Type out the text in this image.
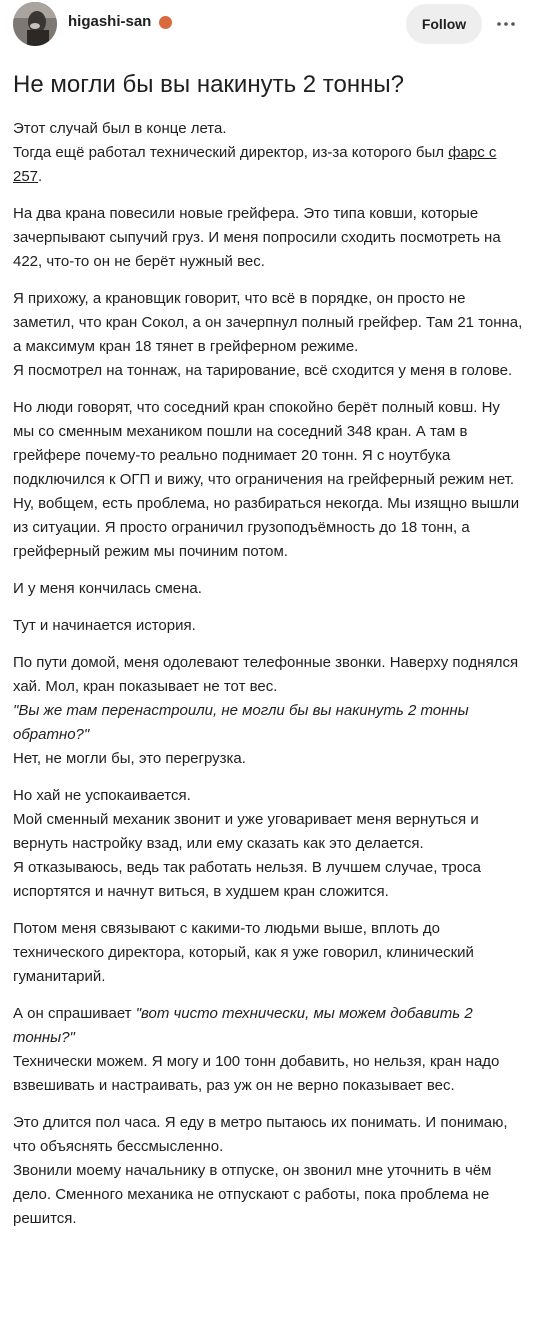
higashi-san	Follow
Не могли бы вы накинуть 2 тонны?

Этот случай был в конце лета.
Тогда ещё работал технический директор, из-за которого был фарс с 257.

На два крана повесили новые грейфера. Это типа ковши, которые зачерпывают сыпучий груз. И меня попросили сходить посмотреть на 422, что-то он не берёт нужный вес.

Я прихожу, а крановщик говорит, что всё в порядке, он просто не заметил, что кран Сокол, а он зачерпнул полный грейфер. Там 21 тонна, а максимум кран 18 тянет в грейферном режиме.
Я посмотрел на тоннаж, на тарирование, всё сходится у меня в голове.

Но люди говорят, что соседний кран спокойно берёт полный ковш. Ну мы со сменным механиком пошли на соседний 348 кран. А там в грейфере почему-то реально поднимает 20 тонн. Я с ноутбука подключился к ОГП и вижу, что ограничения на грейферный режим нет. Ну, вобщем, есть проблема, но разбираться некогда. Мы изящно вышли из ситуации. Я просто ограничил грузоподъёмность до 18 тонн, а грейферный режим мы починим потом.

И у меня кончилась смена.

Тут и начинается история.

По пути домой, меня одолевают телефонные звонки. Наверху поднялся хай. Мол, кран показывает не тот вес.
"Вы же там перенастроили, не могли бы вы накинуть 2 тонны обратно?"
Нет, не могли бы, это перегрузка.

Но хай не успокаивается.
Мой сменный механик звонит и уже уговаривает меня вернуться и вернуть настройку взад, или ему сказать как это делается.
Я отказываюсь, ведь так работать нельзя. В лучшем случае, троса испортятся и начнут виться, в худшем кран сложится.

Потом меня связывают с какими-то людьми выше, вплоть до технического директора, который, как я уже говорил, клинический гуманитарий.

А он спрашивает "вот чисто технически, мы можем добавить 2 тонны?"
Технически можем. Я могу и 100 тонн добавить, но нельзя, кран надо взвешивать и настраивать, раз уж он не верно показывает вес.

Это длится пол часа. Я еду в метро пытаюсь их понимать. И понимаю, что объяснять бессмысленно.
Звонили моему начальнику в отпуске, он звонил мне уточнить в чём дело. Сменного механика не отпускают с работы, пока проблема не решится.
